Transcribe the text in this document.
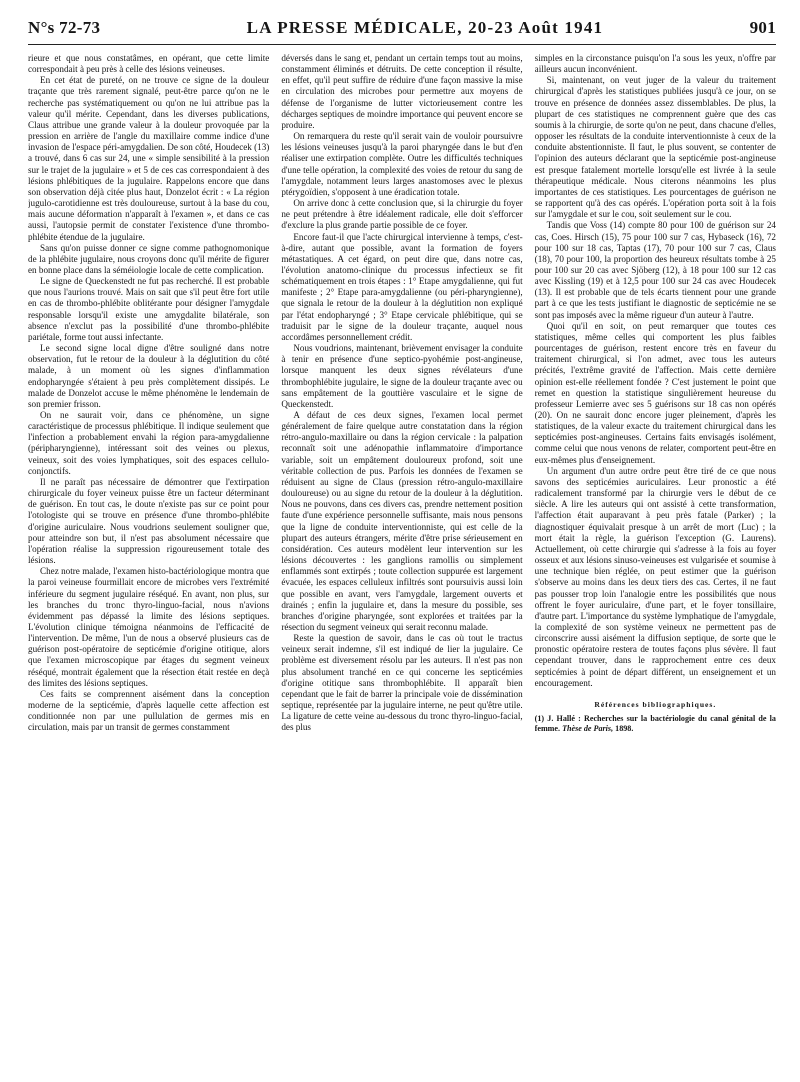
N°s 72-73	LA PRESSE MÉDICALE, 20-23 Août 1941	901

rieure et que nous constatâmes, en opérant, que cette limite correspondait à peu près à celle des lésions veineuses.

En cet état de pureté, on ne trouve ce signe de la douleur traçante que très rarement signalé, peut-être parce qu'on ne le recherche pas systématiquement ou qu'on ne lui attribue pas la valeur qu'il mérite. Cependant, dans les diverses publications, Claus attribue une grande valeur à la douleur provoquée par la pression en arrière de l'angle du maxillaire comme indice d'une invasion de l'espace péri-amygdalien. De son côté, Houdecek (13) a trouvé, dans 6 cas sur 24, une « simple sensibilité à la pression sur le trajet de la jugulaire » et 5 de ces cas correspondaient à des lésions phlébitiques de la jugulaire. Rappelons encore que dans son observation déjà citée plus haut, Donzelot écrit : « La région jugulo-carotidienne est très douloureuse, surtout à la base du cou, mais aucune déformation n'apparaît à l'examen », et dans ce cas aussi, l'autopsie permit de constater l'existence d'une thrombo-phlébite étendue de la jugulaire.

Sans qu'on puisse donner ce signe comme pathognomonique de la phlébite jugulaire, nous croyons donc qu'il mérite de figurer en bonne place dans la séméiologie locale de cette complication.

Le signe de Queckenstedt ne fut pas recherché. Il est probable que nous l'aurions trouvé. Mais on sait que s'il peut être fort utile en cas de thrombo-phlébite oblitérante pour désigner l'amygdale responsable lorsqu'il existe une amygdalite bilatérale, son absence n'exclut pas la possibilité d'une thrombo-phlébite pariétale, forme tout aussi infectante.

Le second signe local digne d'être souligné dans notre observation, fut le retour de la douleur à la déglutition du côté malade, à un moment où les signes d'inflammation endopharyngée s'étaient à peu près complètement dissipés. Le malade de Donzelot accuse le même phénomène le lendemain de son premier frisson.

On ne saurait voir, dans ce phénomène, un signe caractéristique de processus phlébitique. Il indique seulement que l'infection a probablement envahi la région para-amygdalienne (péripharyngienne), intéressant soit des veines ou plexus, veineux, soit des voies lymphatiques, soit des espaces cellulo-conjonctifs.

Il ne paraît pas nécessaire de démontrer que l'extirpation chirurgicale du foyer veineux puisse être un facteur déterminant de guérison. En tout cas, le doute n'existe pas sur ce point pour l'otologiste qui se trouve en présence d'une thrombo-phlébite d'origine auriculaire. Nous voudrions seulement souligner que, pour atteindre son but, il n'est pas absolument nécessaire que l'opération réalise la suppression rigoureusement totale des lésions.

Chez notre malade, l'examen histo-bactériologique montra que la paroi veineuse fourmillait encore de microbes vers l'extrémité inférieure du segment jugulaire réséqué. En avant, non plus, sur les branches du tronc thyro-linguo-facial, nous n'avions évidemment pas dépassé la limite des lésions septiques. L'évolution clinique témoigna néanmoins de l'efficacité de l'intervention. De même, l'un de nous a observé plusieurs cas de guérison post-opératoire de septicémie d'origine otitique, alors que l'examen microscopique par étages du segment veineux réséqué, montrait également que la résection était restée en deçà des limites des lésions septiques.

Ces faits se comprennent aisément dans la conception moderne de la septicémie, d'après laquelle cette affection est conditionnée non par une pullulation de germes mis en circulation, mais par un transit de germes constamment

déversés dans le sang et, pendant un certain temps tout au moins, constamment éliminés et détruits. De cette conception il résulte, en effet, qu'il peut suffire de réduire d'une façon massive la mise en circulation des microbes pour permettre aux moyens de défense de l'organisme de lutter victorieusement contre les décharges septiques de moindre importance qui peuvent encore se produire.

On remarquera du reste qu'il serait vain de vouloir poursuivre les lésions veineuses jusqu'à la paroi pharyngée dans le but d'en réaliser une extirpation complète. Outre les difficultés techniques d'une telle opération, la complexité des voies de retour du sang de l'amygdale, notamment leurs larges anastomoses avec le plexus ptérygoïdien, s'opposent à une éradication totale.

On arrive donc à cette conclusion que, si la chirurgie du foyer ne peut prétendre à être idéalement radicale, elle doit s'efforcer d'exclure la plus grande partie possible de ce foyer.

Encore faut-il que l'acte chirurgical intervienne à temps, c'est-à-dire, autant que possible, avant la formation de foyers métastatiques. A cet égard, on peut dire que, dans notre cas, l'évolution anatomo-clinique du processus infectieux se fit schématiquement en trois étapes : 1° Etape amygdalienne, qui fut manifeste ; 2° Etape para-amygdalienne (ou péri-pharyngienne), que signala le retour de la douleur à la déglutition non expliqué par l'état endopharyngé ; 3° Etape cervicale phlébitique, qui se traduisit par le signe de la douleur traçante, auquel nous accordâmes personnellement crédit.

Nous voudrions, maintenant, brièvement envisager la conduite à tenir en présence d'une septico-pyohémie post-angineuse, lorsque manquent les deux signes révélateurs d'une thrombophlébite jugulaire, le signe de la douleur traçante avec ou sans empâtement de la gouttière vasculaire et le signe de Queckenstedt.

A défaut de ces deux signes, l'examen local permet généralement de faire quelque autre constatation dans la région rétro-angulo-maxillaire ou dans la région cervicale : la palpation reconnaît soit une adénopathie inflammatoire d'importance variable, soit un empâtement douloureux profond, soit une véritable collection de pus. Parfois les données de l'examen se réduisent au signe de Claus (pression rétro-angulo-maxillaire douloureuse) ou au signe du retour de la douleur à la déglutition. Nous ne pouvons, dans ces divers cas, prendre nettement position faute d'une expérience personnelle suffisante, mais nous pensons que la ligne de conduite interventionniste, qui est celle de la plupart des auteurs étrangers, mérite d'être prise sérieusement en considération. Ces auteurs modèlent leur intervention sur les lésions découvertes : les ganglions ramollis ou simplement enflammés sont extirpés ; toute collection suppurée est largement évacuée, les espaces celluleux infiltrés sont poursuivis aussi loin que possible en avant, vers l'amygdale, largement ouverts et drainés ; enfin la jugulaire et, dans la mesure du possible, ses branches d'origine pharyngée, sont explorées et traitées par la résection du segment veineux qui serait reconnu malade.

Reste la question de savoir, dans le cas où tout le tractus veineux serait indemne, s'il est indiqué de lier la jugulaire. Ce problème est diversement résolu par les auteurs. Il n'est pas non plus absolument tranché en ce qui concerne les septicémies d'origine otitique sans thrombophlébite. Il apparaît bien cependant que le fait de barrer la principale voie de dissémination septique, représentée par la jugulaire interne, ne peut qu'être utile. La ligature de cette veine au-dessous du tronc thyro-linguo-facial, des plus

simples en la circonstance puisqu'on l'a sous les yeux, n'offre par ailleurs aucun inconvénient.

Si, maintenant, on veut juger de la valeur du traitement chirurgical d'après les statistiques publiées jusqu'à ce jour, on se trouve en présence de données assez dissemblables. De plus, la plupart de ces statistiques ne comprennent guère que des cas soumis à la chirurgie, de sorte qu'on ne peut, dans chacune d'elles, opposer les résultats de la conduite interventionniste à ceux de la conduite abstentionniste. Il faut, le plus souvent, se contenter de l'opinion des auteurs déclarant que la septicémie post-angineuse est presque fatalement mortelle lorsqu'elle est livrée à la seule thérapeutique médicale. Nous citerons néanmoins les plus importantes de ces statistiques. Les pourcentages de guérison ne se rapportent qu'à des cas opérés. L'opération porta soit à la fois sur l'amygdale et sur le cou, soit seulement sur le cou.

Tandis que Voss (14) compte 80 pour 100 de guérison sur 24 cas, Coes. Hirsch (15), 75 pour 100 sur 7 cas, Hybaseck (16), 72 pour 100 sur 18 cas, Taptas (17), 70 pour 100 sur 7 cas, Claus (18), 70 pour 100, la proportion des heureux résultats tombe à 25 pour 100 sur 20 cas avec Sjöberg (12), à 18 pour 100 sur 12 cas avec Kissling (19) et à 12,5 pour 100 sur 24 cas avec Houdecek (13). Il est probable que de tels écarts tiennent pour une grande part à ce que les tests justifiant le diagnostic de septicémie ne se sont pas imposés avec la même rigueur d'un auteur à l'autre.

Quoi qu'il en soit, on peut remarquer que toutes ces statistiques, même celles qui comportent les plus faibles pourcentages de guérison, restent encore très en faveur du traitement chirurgical, si l'on admet, avec tous les auteurs précités, l'extrême gravité de l'affection. Mais cette dernière opinion est-elle réellement fondée ? C'est justement le point que remet en question la statistique singulièrement heureuse du professeur Lemierre avec ses 5 guérisons sur 18 cas non opérés (20). On ne saurait donc encore juger pleinement, d'après les statistiques, de la valeur exacte du traitement chirurgical dans les septicémies post-angineuses. Certains faits envisagés isolément, comme celui que nous venons de relater, comportent peut-être en eux-mêmes plus d'enseignement.

Un argument d'un autre ordre peut être tiré de ce que nous savons des septicémies auriculaires. Leur pronostic a été radicalement transformé par la chirurgie vers le début de ce siècle. A lire les auteurs qui ont assisté à cette transformation, l'affection était auparavant à peu près fatale (Parker) ; la diagnostiquer équivalait presque à un arrêt de mort (Luc) ; la mort était la règle, la guérison l'exception (G. Laurens). Actuellement, où cette chirurgie qui s'adresse à la fois au foyer osseux et aux lésions sinuso-veineuses est vulgarisée et soumise à une technique bien réglée, on peut estimer que la guérison s'observe au moins dans les deux tiers des cas. Certes, il ne faut pas pousser trop loin l'analogie entre les possibilités que nous offrent le foyer auriculaire, d'une part, et le foyer tonsillaire, d'autre part. L'importance du système lymphatique de l'amygdale, la complexité de son système veineux ne permettent pas de circonscrire aussi aisément la diffusion septique, de sorte que le pronostic opératoire restera de toutes façons plus sévère. Il faut cependant trouver, dans le rapprochement entre ces deux septicémies à point de départ différent, un enseignement et un encouragement.

Références bibliographiques.
(1) J. Hallé : Recherches sur la bactériologie du canal génital de la femme. Thèse de Paris, 1898.
